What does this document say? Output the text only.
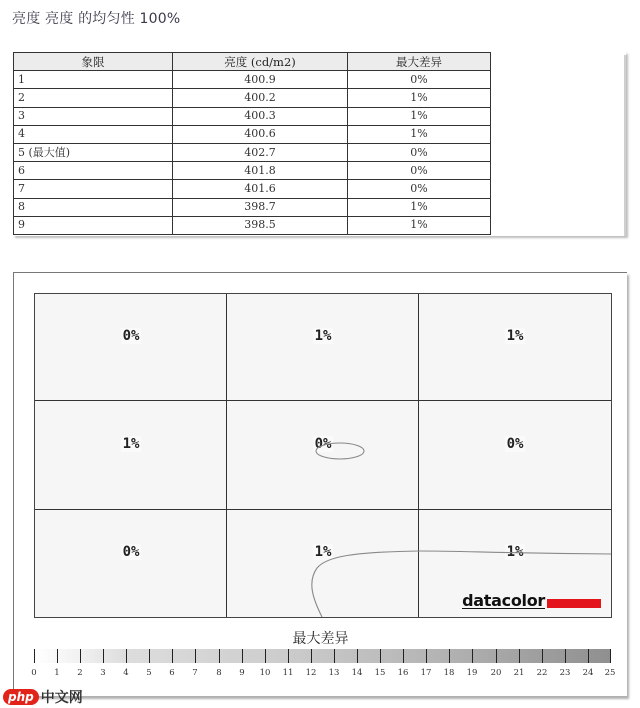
亮度 亮度 的均匀性 100%
象限	亮度 (cd/m2)	最大差异
1	400.9	0%
2	400.2	1%
3	400.3	1%
4	400.6	1%
5 (最大值)	402.7	0%
6	401.8	0%
7	401.6	0%
8	398.7	1%
9	398.5	1%
0%	1%	1%
1%	0%	0%
0%	1%	1%
datacolor
最大差异
0	1	2	3	4	5	6	7	8	9	10	11	12	13	14	15	16	17	18	19	20	21	22	23	24	25
php 中文网
